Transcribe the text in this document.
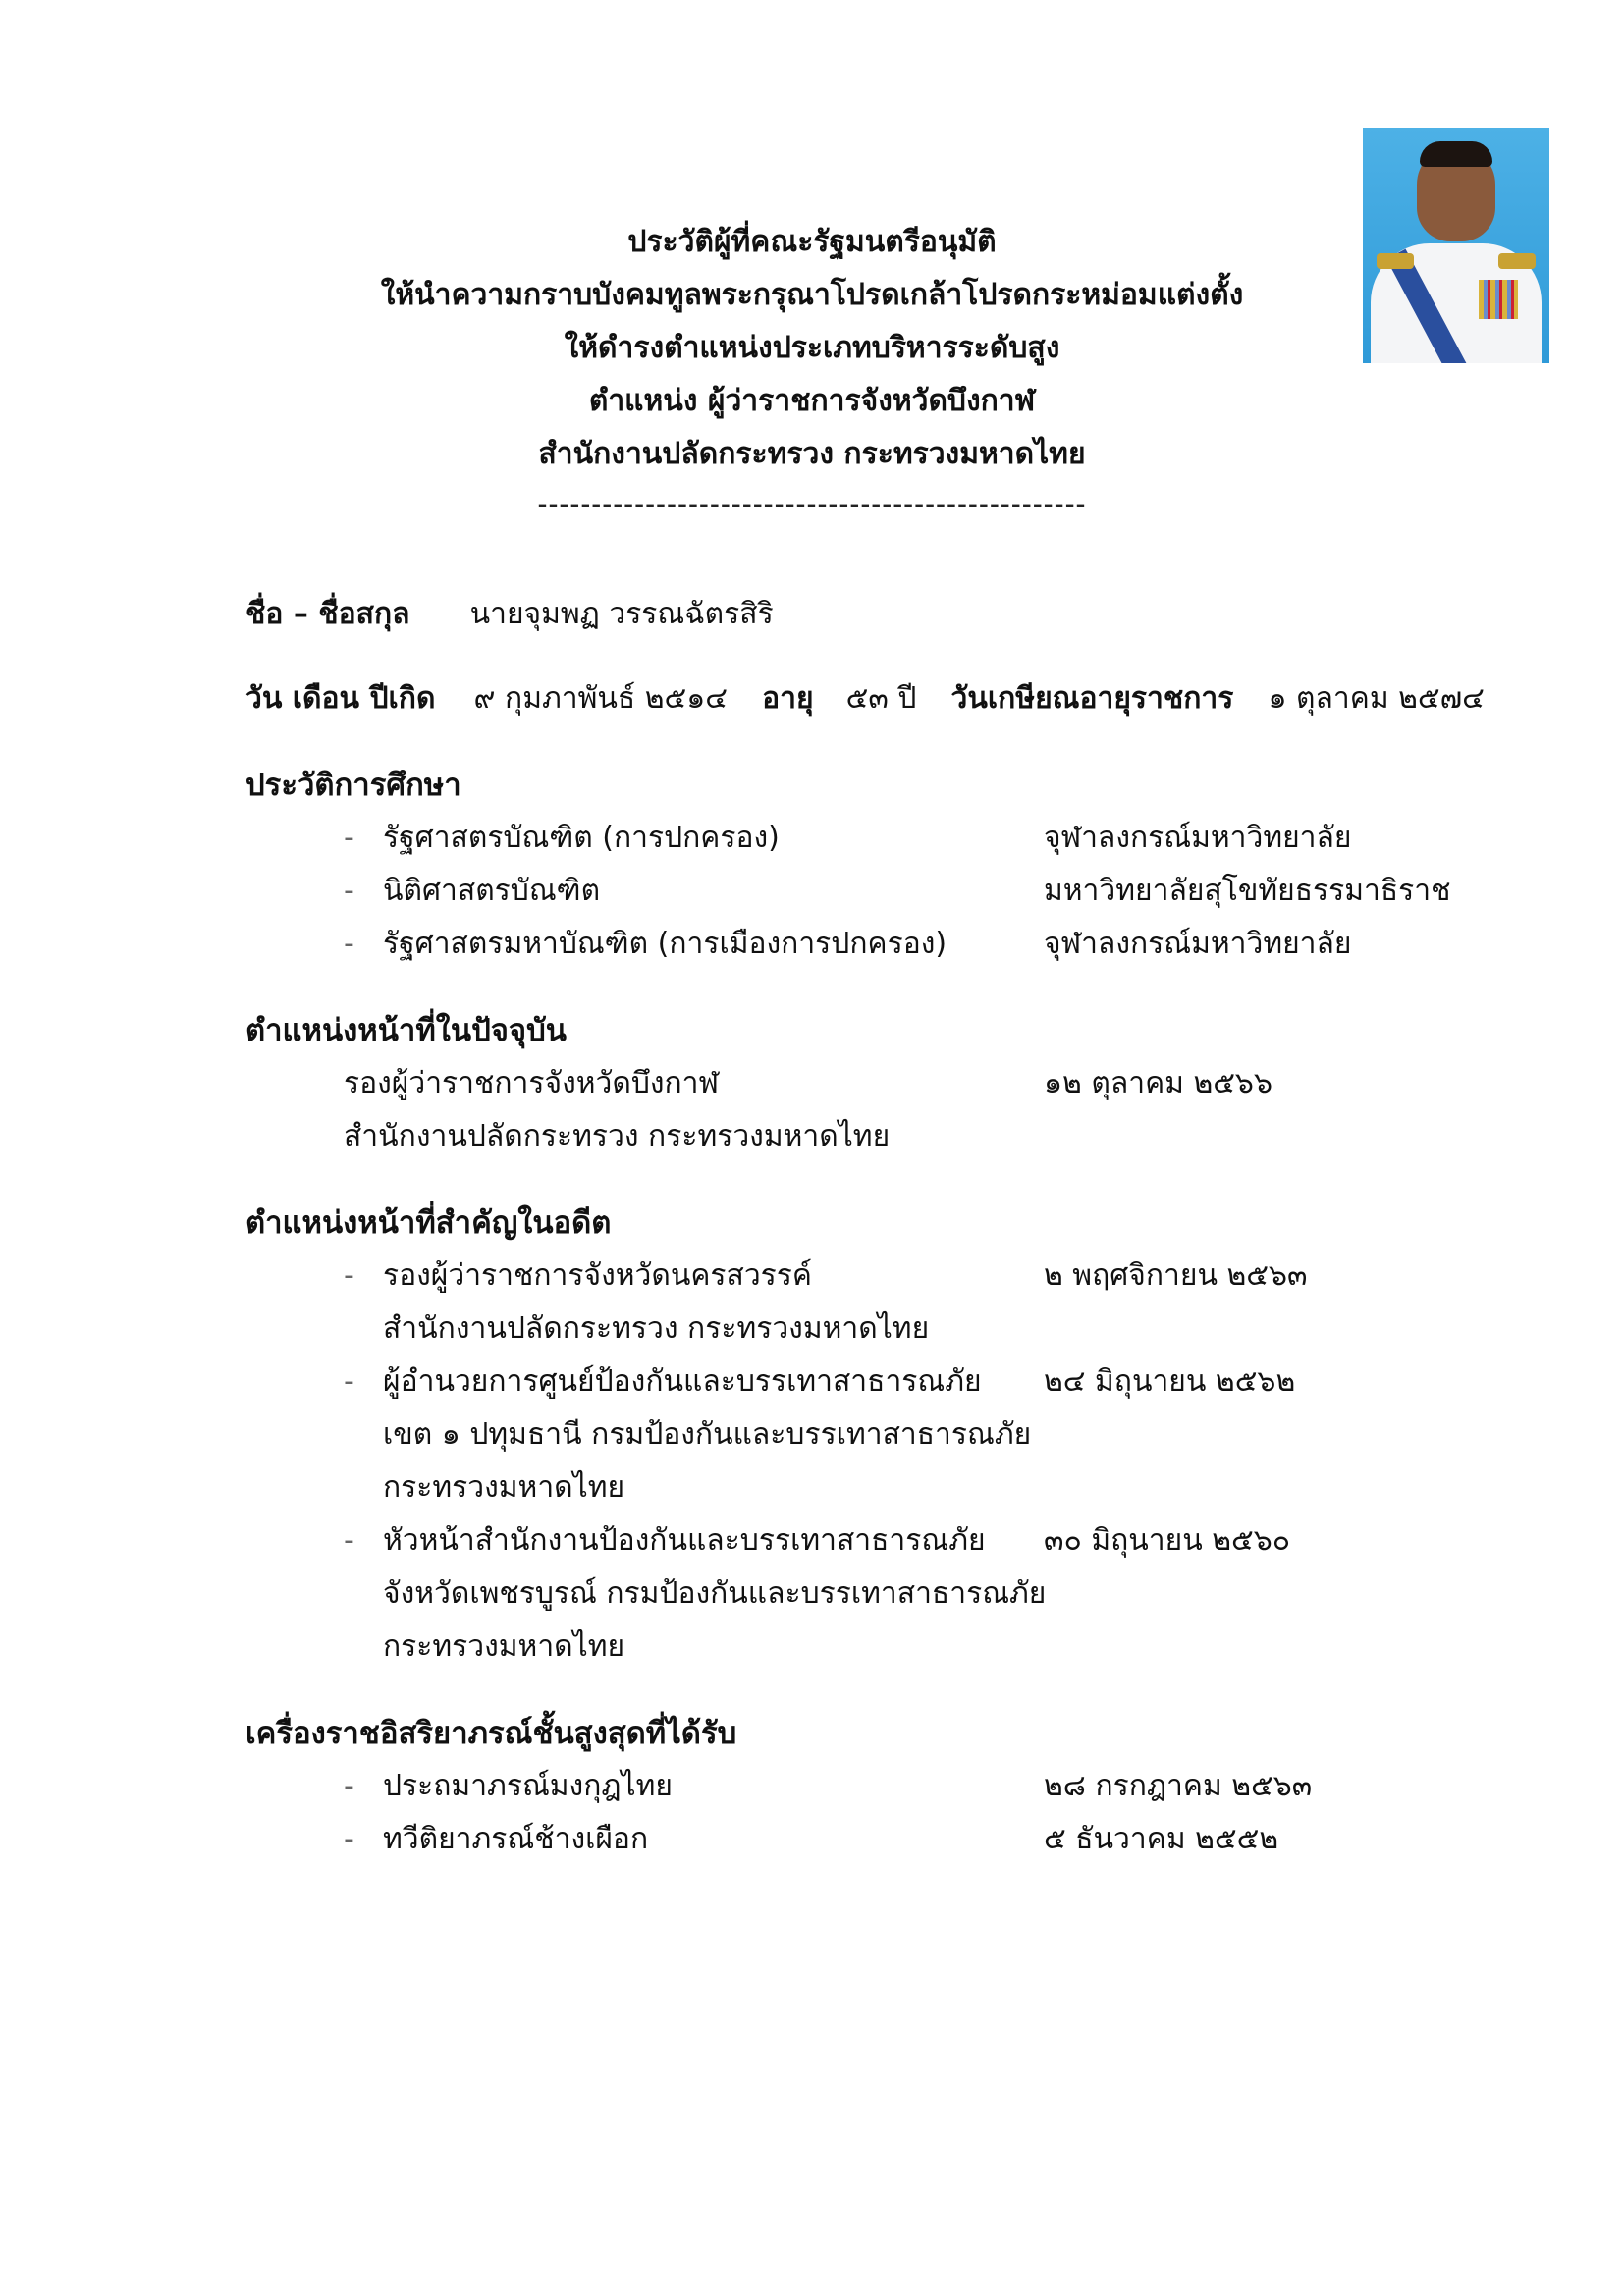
ประวัติผู้ที่คณะรัฐมนตรีอนุมัติ
ให้นำความกราบบังคมทูลพระกรุณาโปรดเกล้าโปรดกระหม่อมแต่งตั้ง
ให้ดำรงตำแหน่งประเภทบริหารระดับสูง
ตำแหน่ง ผู้ว่าราชการจังหวัดบึงกาฬ
สำนักงานปลัดกระทรวง กระทรวงมหาดไทย
---------------------------------------------------
ชื่อ – ชื่อสกุล นายจุมพฏ วรรณฉัตรสิริ
วัน เดือน ปีเกิด ๙ กุมภาพันธ์ ๒๕๑๔ อายุ ๕๓ ปี วันเกษียณอายุราชการ ๑ ตุลาคม ๒๕๗๔
ประวัติการศึกษา
- รัฐศาสตรบัณฑิต (การปกครอง)	จุฬาลงกรณ์มหาวิทยาลัย
- นิติศาสตรบัณฑิต	มหาวิทยาลัยสุโขทัยธรรมาธิราช
- รัฐศาสตรมหาบัณฑิต (การเมืองการปกครอง)	จุฬาลงกรณ์มหาวิทยาลัย
ตำแหน่งหน้าที่ในปัจจุบัน
รองผู้ว่าราชการจังหวัดบึงกาฬ	๑๒ ตุลาคม ๒๕๖๖
สำนักงานปลัดกระทรวง กระทรวงมหาดไทย
ตำแหน่งหน้าที่สำคัญในอดีต
- รองผู้ว่าราชการจังหวัดนครสวรรค์	๒ พฤศจิกายน ๒๕๖๓
สำนักงานปลัดกระทรวง กระทรวงมหาดไทย
- ผู้อำนวยการศูนย์ป้องกันและบรรเทาสาธารณภัย ๒๔ มิถุนายน ๒๕๖๒
เขต ๑ ปทุมธานี กรมป้องกันและบรรเทาสาธารณภัย
กระทรวงมหาดไทย
- หัวหน้าสำนักงานป้องกันและบรรเทาสาธารณภัย ๓๐ มิถุนายน ๒๕๖๐
จังหวัดเพชรบูรณ์ กรมป้องกันและบรรเทาสาธารณภัย
กระทรวงมหาดไทย
เครื่องราชอิสริยาภรณ์ชั้นสูงสุดที่ได้รับ
- ประถมาภรณ์มงกุฎไทย	๒๘ กรกฎาคม ๒๕๖๓
- ทวีติยาภรณ์ช้างเผือก	๕ ธันวาคม ๒๕๕๒
